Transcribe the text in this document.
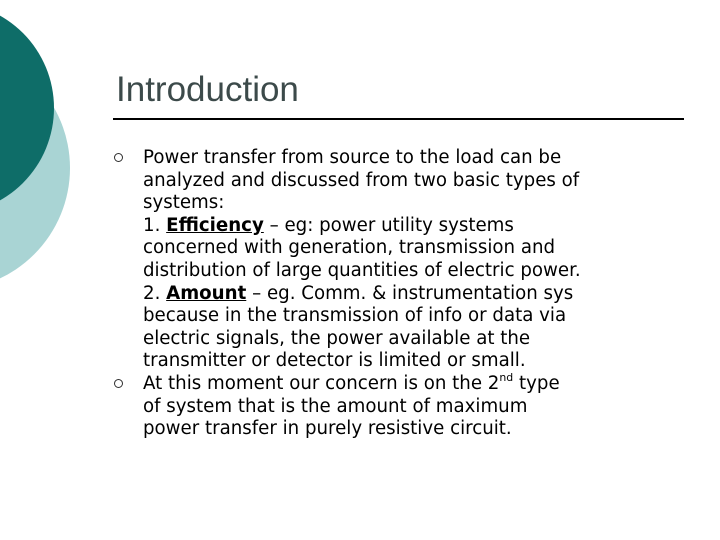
Introduction
Power transfer from source to the load can be
analyzed and discussed from two basic types of
systems:
1. Efficiency – eg: power utility systems
concerned with generation, transmission and
distribution of large quantities of electric power.
2. Amount – eg. Comm. & instrumentation sys
because in the transmission of info or data via
electric signals, the power available at the
transmitter or detector is limited or small.
At this moment our concern is on the 2nd type
of system that is the amount of maximum
power transfer in purely resistive circuit.
